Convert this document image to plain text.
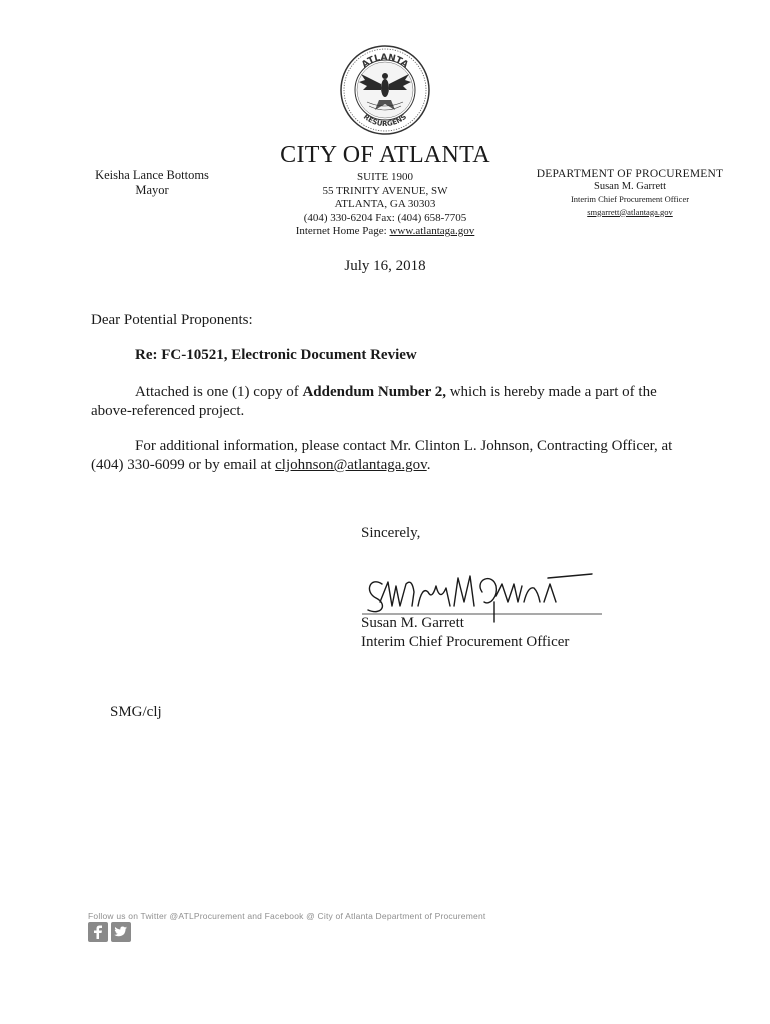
ATLANTA
RESURGENS
CITY OF ATLANTA
Keisha Lance Bottoms
Mayor
SUITE 1900
55 TRINITY AVENUE, SW
ATLANTA, GA 30303
(404) 330-6204 Fax: (404) 658-7705
Internet Home Page: www.atlantaga.gov
DEPARTMENT OF PROCUREMENT
Susan M. Garrett
Interim Chief Procurement Officer
smgarrett@atlantaga.gov
July 16, 2018
Dear Potential Proponents:
Re: FC-10521, Electronic Document Review
Attached is one (1) copy of Addendum Number 2, which is hereby made a part of the above-referenced project.
For additional information, please contact Mr. Clinton L. Johnson, Contracting Officer, at (404) 330-6099 or by email at cljohnson@atlantaga.gov.
Sincerely,
Susan M. Garrett
Interim Chief Procurement Officer
SMG/clj
Follow us on Twitter @ATLProcurement and Facebook @ City of Atlanta Department of Procurement
